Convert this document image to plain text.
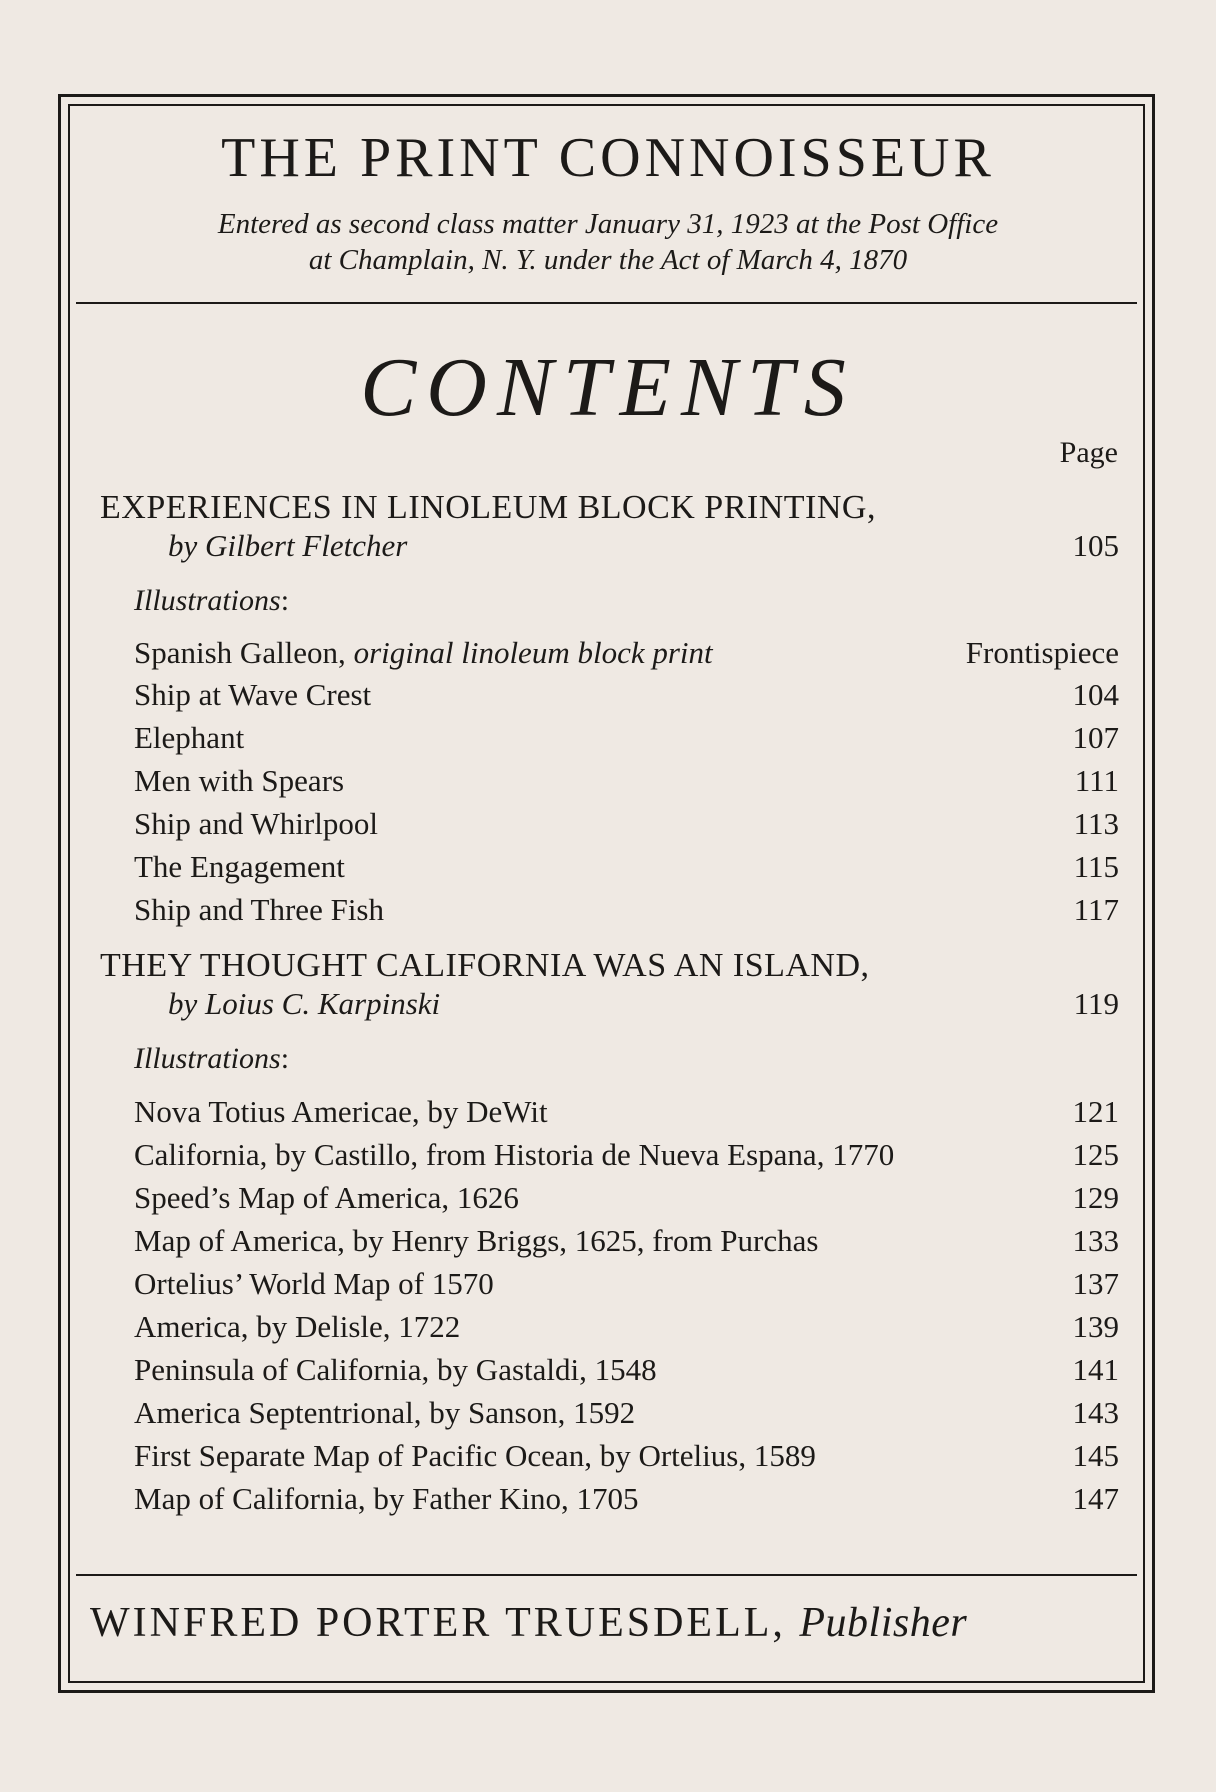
THE PRINT CONNOISSEUR
Entered as second class matter January 31, 1923 at the Post Office
at Champlain, N. Y. under the Act of March 4, 1870
CONTENTS
Page
EXPERIENCES IN LINOLEUM BLOCK PRINTING,
by Gilbert Fletcher	105
Illustrations:
Spanish Galleon, original linoleum block print	Frontispiece
Ship at Wave Crest	104
Elephant	107
Men with Spears	111
Ship and Whirlpool	113
The Engagement	115
Ship and Three Fish	117
THEY THOUGHT CALIFORNIA WAS AN ISLAND,
by Loius C. Karpinski	119
Illustrations:
Nova Totius Americae, by DeWit	121
California, by Castillo, from Historia de Nueva Espana, 1770	125
Speed’s Map of America, 1626	129
Map of America, by Henry Briggs, 1625, from Purchas	133
Ortelius’ World Map of 1570	137
America, by Delisle, 1722	139
Peninsula of California, by Gastaldi, 1548	141
America Septentrional, by Sanson, 1592	143
First Separate Map of Pacific Ocean, by Ortelius, 1589	145
Map of California, by Father Kino, 1705	147
WINFRED PORTER TRUESDELL, Publisher
